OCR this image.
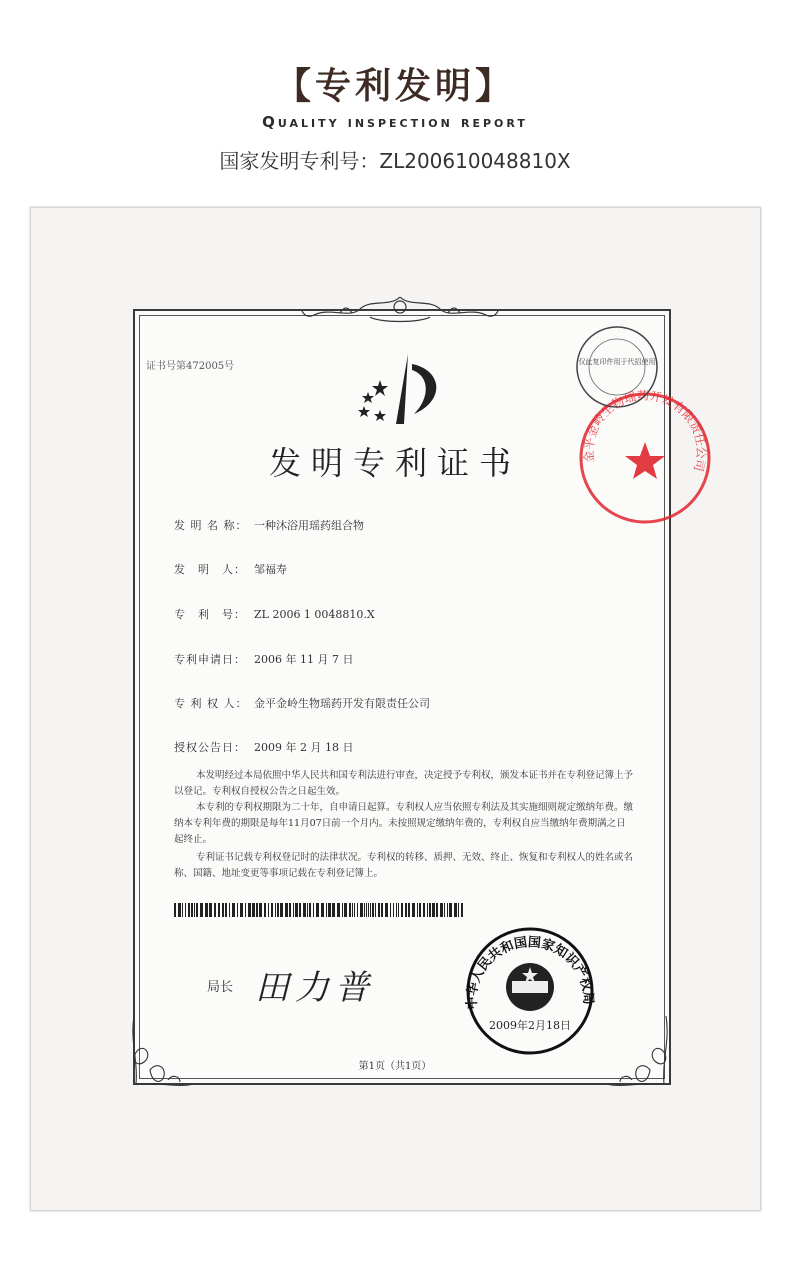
【专利发明】
Quality inspection report
国家发明专利号：ZL200610048810X
证书号第472005号
发明专利证书
发 明 名 称： 一种沐浴用瑶药组合物
发　明　人： 邹福寿
专　利　号： ZL 2006 1 0048810.X
专利申请日： 2006 年 11 月 7 日
专 利 权 人： 金平金岭生物瑶药开发有限责任公司
授权公告日： 2009 年 2 月 18 日
本发明经过本局依照中华人民共和国专利法进行审查，决定授予专利权，颁发本证书并在专利登记簿上予以登记。专利权自授权公告之日起生效。
本专利的专利权期限为二十年，自申请日起算。专利权人应当依照专利法及其实施细则规定缴纳年费。缴纳本专利年费的期限是每年11月07日前一个月内。未按照规定缴纳年费的，专利权自应当缴纳年费期满之日起终止。
专利证书记载专利权登记时的法律状况。专利权的转移、质押、无效、终止、恢复和专利权人的姓名或名称、国籍、地址变更等事项记载在专利登记簿上。
局长 田力普
第1页（共1页）
金平金岭生物瑶药开发有限责任公司
仅此复印件用于代招使用
中华人民共和国国家知识产权局
2009年2月18日
